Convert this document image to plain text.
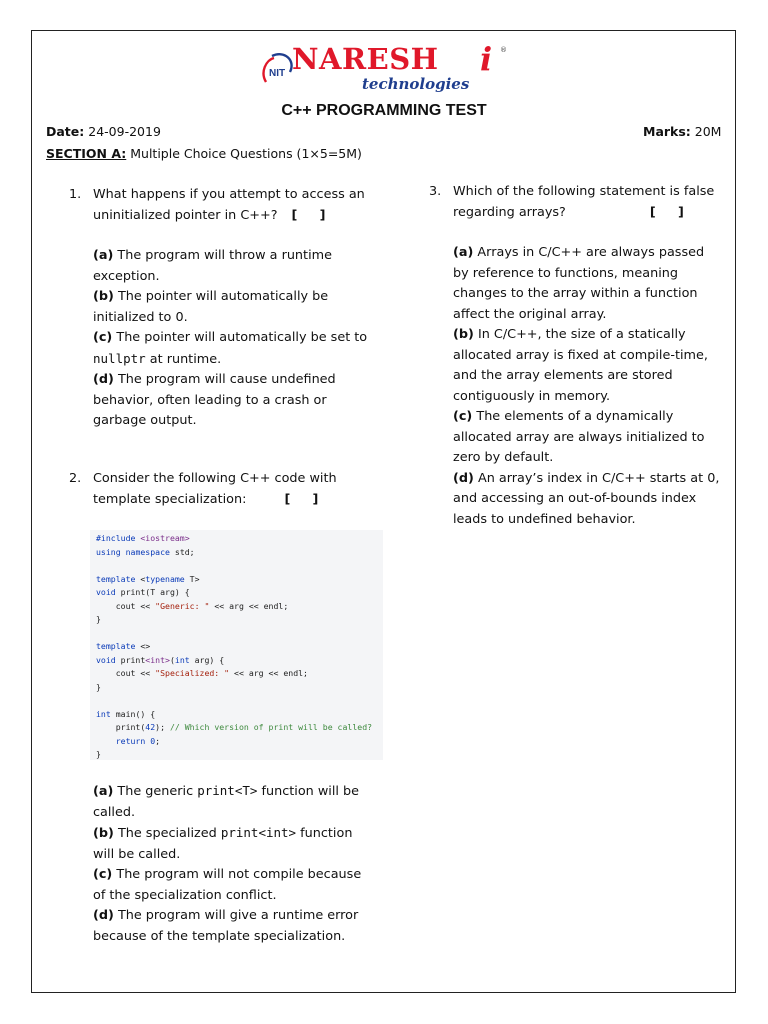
NIT NARESH i ®
technologies
C++ PROGRAMMING TEST
Date: 24-09-2019	Marks: 20M
SECTION A: Multiple Choice Questions (1×5=5M)
1. What happens if you attempt to access an uninitialized pointer in C++? [     ]

(a) The program will throw a runtime exception.

(b) The pointer will automatically be initialized to 0.

(c) The pointer will automatically be set to nullptr at runtime.

(d) The program will cause undefined behavior, often leading to a crash or garbage output.

2. Consider the following C++ code with template specialization:	[     ]

#include <iostream>
using namespace std;

template <typename T>
void print(T arg) {
cout << "Generic: " << arg << endl;
}

template <>
void print<int>(int arg) {
cout << "Specialized: " << arg << endl;
}

int main() {
print(42); // Which version of print will be called?
return 0;
}

(a) The generic print<T> function will be called.

(b) The specialized print<int> function will be called.

(c) The program will not compile because of the specialization conflict.

(d) The program will give a runtime error because of the template specialization.

3. Which of the following statement is false regarding arrays?	[     ]

(a) Arrays in C/C++ are always passed by reference to functions, meaning changes to the array within a function affect the original array.

(b) In C/C++, the size of a statically allocated array is fixed at compile-time, and the array elements are stored contiguously in memory.

(c) The elements of a dynamically allocated array are always initialized to zero by default.

(d) An array’s index in C/C++ starts at 0, and accessing an out-of-bounds index leads to undefined behavior.
